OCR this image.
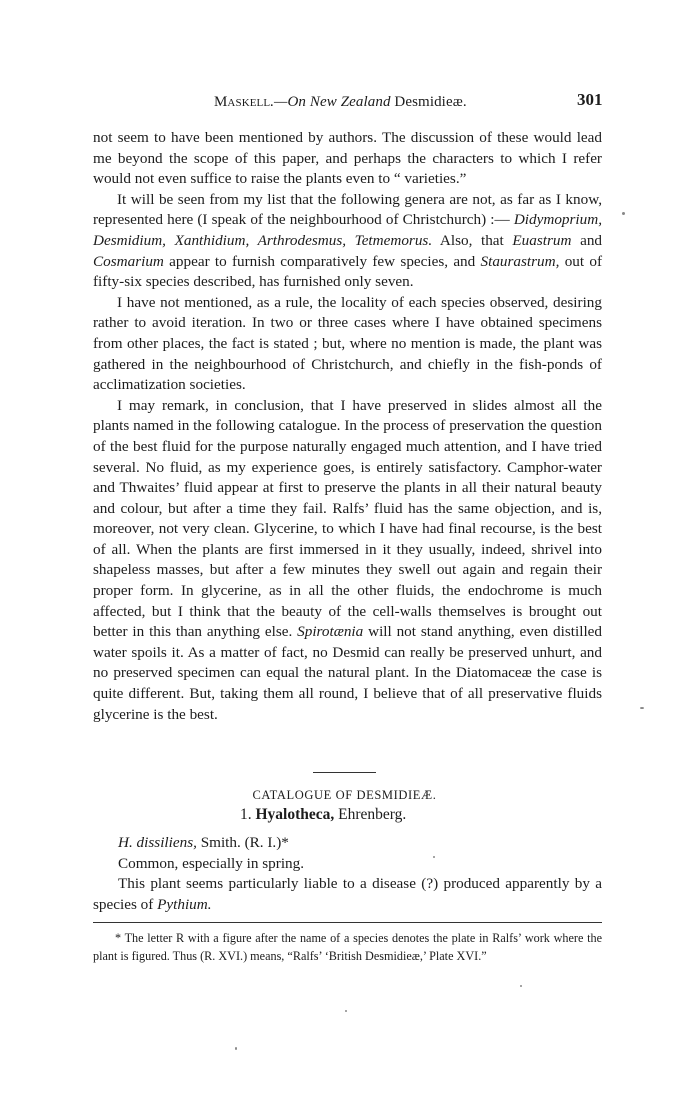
Maskell.—On New Zealand Desmidieæ.	301

not seem to have been mentioned by authors. The discussion of these would lead me beyond the scope of this paper, and perhaps the characters to which I refer would not even suffice to raise the plants even to “ varieties.”

It will be seen from my list that the following genera are not, as far as I know, represented here (I speak of the neighbourhood of Christchurch) :— Didymoprium, Desmidium, Xanthidium, Arthrodesmus, Tetmemorus. Also, that Euastrum and Cosmarium appear to furnish comparatively few species, and Staurastrum, out of fifty-six species described, has furnished only seven.

I have not mentioned, as a rule, the locality of each species observed, desiring rather to avoid iteration. In two or three cases where I have obtained specimens from other places, the fact is stated ; but, where no mention is made, the plant was gathered in the neighbourhood of Christchurch, and chiefly in the fish-ponds of acclimatization societies.

I may remark, in conclusion, that I have preserved in slides almost all the plants named in the following catalogue. In the process of preservation the question of the best fluid for the purpose naturally engaged much attention, and I have tried several. No fluid, as my experience goes, is entirely satisfactory. Camphor-water and Thwaites’ fluid appear at first to preserve the plants in all their natural beauty and colour, but after a time they fail. Ralfs’ fluid has the same objection, and is, moreover, not very clean. Glycerine, to which I have had final recourse, is the best of all. When the plants are first immersed in it they usually, indeed, shrivel into shapeless masses, but after a few minutes they swell out again and regain their proper form. In glycerine, as in all the other fluids, the endochrome is much affected, but I think that the beauty of the cell-walls themselves is brought out better in this than anything else. Spirotænia will not stand anything, even distilled water spoils it. As a matter of fact, no Desmid can really be preserved unhurt, and no preserved specimen can equal the natural plant. In the Diatomaceæ the case is quite different. But, taking them all round, I believe that of all preservative fluids glycerine is the best.

CATALOGUE OF DESMIDIEÆ.
1. Hyalotheca, Ehrenberg.
H. dissiliens, Smith. (R. I.)*
Common, especially in spring.

This plant seems particularly liable to a disease (?) produced apparently by a species of Pythium.

* The letter R with a figure after the name of a species denotes the plate in Ralfs’ work where the plant is figured. Thus (R. XVI.) means, “Ralfs’ ‘British Desmidieæ,’ Plate XVI.”
